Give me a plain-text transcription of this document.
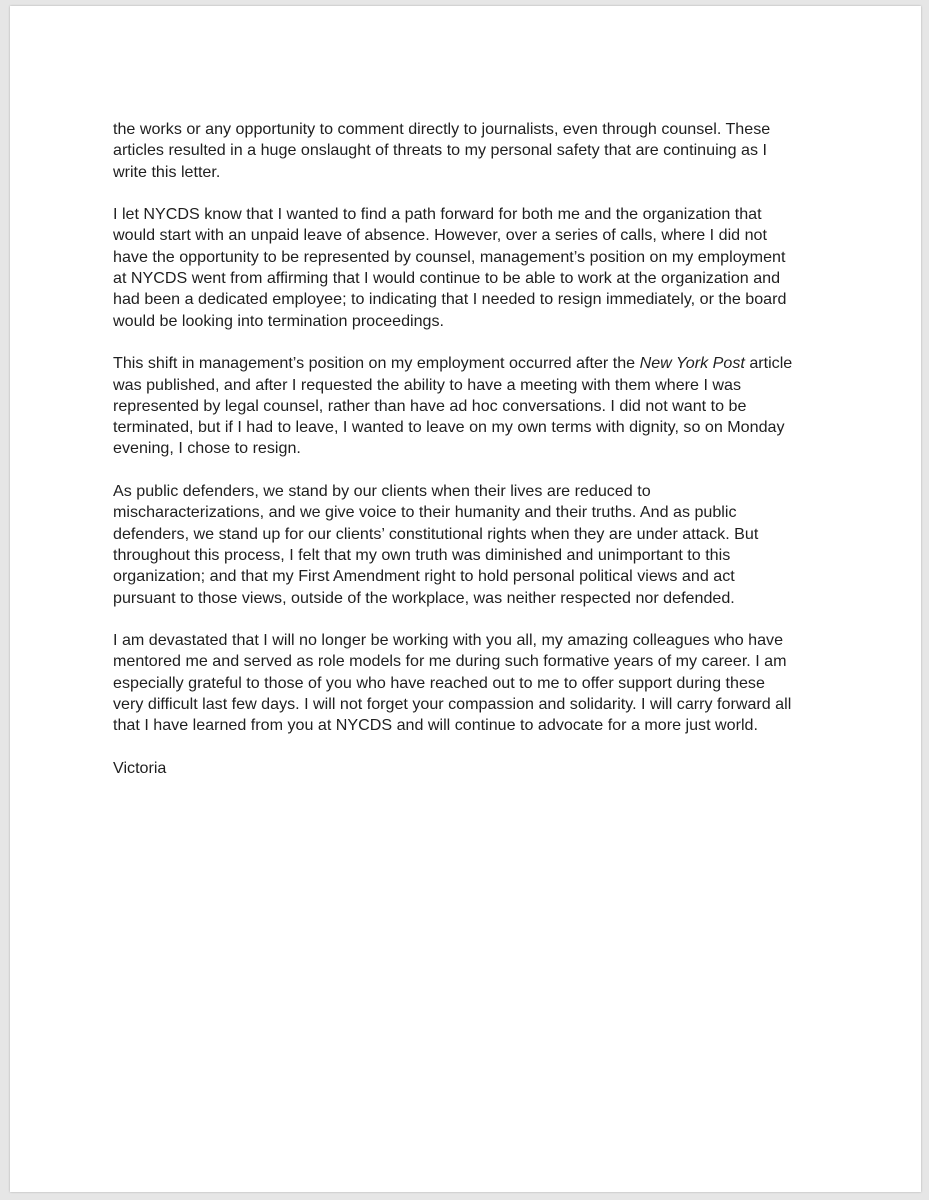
the works or any opportunity to comment directly to journalists, even through counsel. These
articles resulted in a huge onslaught of threats to my personal safety that are continuing as I
write this letter.

I let NYCDS know that I wanted to find a path forward for both me and the organization that
would start with an unpaid leave of absence. However, over a series of calls, where I did not
have the opportunity to be represented by counsel, management’s position on my employment
at NYCDS went from affirming that I would continue to be able to work at the organization and
had been a dedicated employee; to indicating that I needed to resign immediately, or the board
would be looking into termination proceedings.

This shift in management’s position on my employment occurred after the New York Post article
was published, and after I requested the ability to have a meeting with them where I was
represented by legal counsel, rather than have ad hoc conversations. I did not want to be
terminated, but if I had to leave, I wanted to leave on my own terms with dignity, so on Monday
evening, I chose to resign.

As public defenders, we stand by our clients when their lives are reduced to
mischaracterizations, and we give voice to their humanity and their truths. And as public
defenders, we stand up for our clients’ constitutional rights when they are under attack. But
throughout this process, I felt that my own truth was diminished and unimportant to this
organization; and that my First Amendment right to hold personal political views and act
pursuant to those views, outside of the workplace, was neither respected nor defended.

I am devastated that I will no longer be working with you all, my amazing colleagues who have
mentored me and served as role models for me during such formative years of my career. I am
especially grateful to those of you who have reached out to me to offer support during these
very difficult last few days. I will not forget your compassion and solidarity. I will carry forward all
that I have learned from you at NYCDS and will continue to advocate for a more just world.

Victoria
